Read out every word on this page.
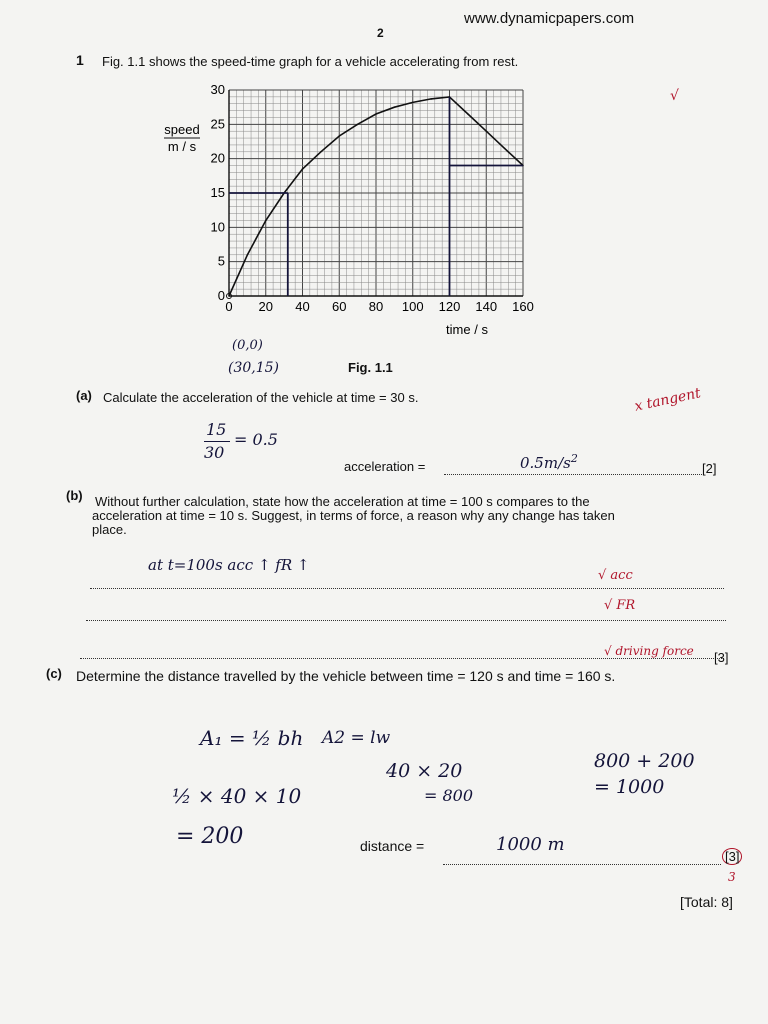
www.dynamicpapers.com
2
√
1 Fig. 1.1 shows the speed-time graph for a vehicle accelerating from rest.
0 20 40 60 80 100 120 140 160
0
5
10
15
20
25
30
speed
m / s
time / s
(0,0)
(30,15)	Fig. 1.1
(a) Calculate the acceleration of the vehicle at time = 30 s.	x tangent
15
30
= 0.5
acceleration =	$0.5m/s^2$
[2]
(b) Without further calculation, state how the acceleration at time = 100 s compares to the
acceleration at time = 10 s. Suggest, in terms of force, a reason why any change has taken
place.
at t=100s acc ↑ fR ↑
√ acc
√ FR
√ driving force [3]
(c) Determine the distance travelled by the vehicle between time = 120 s and time = 160 s.
A₁ = ½ bh A2 = lw
40 × 20
= 800
800 + 200
= 1000
½ × 40 × 10
= 200	distance =	1000 m
[3]
3
[Total: 8]
